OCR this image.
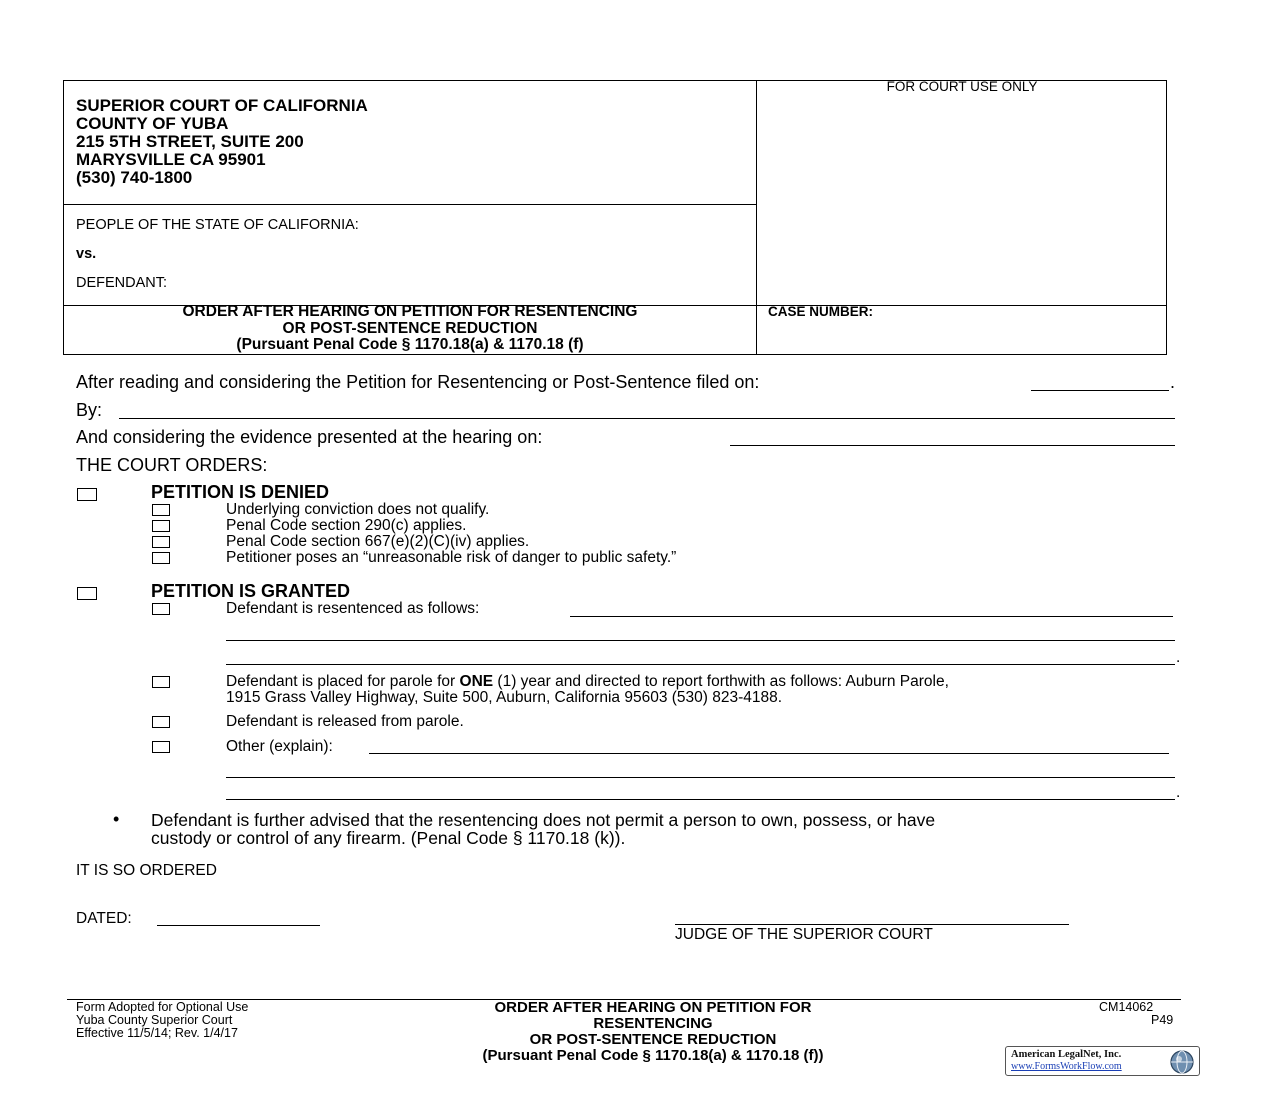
SUPERIOR COURT OF CALIFORNIA
COUNTY OF YUBA
215 5TH STREET, SUITE 200
MARYSVILLE CA 95901
(530) 740-1800
FOR COURT USE ONLY
PEOPLE OF THE STATE OF CALIFORNIA:
vs.
DEFENDANT:
ORDER AFTER HEARING ON PETITION FOR RESENTENCING
OR POST-SENTENCE REDUCTION
(Pursuant Penal Code § 1170.18(a) & 1170.18 (f)
CASE NUMBER:
After reading and considering the Petition for Resentencing or Post-Sentence filed on:	.
By:
And considering the evidence presented at the hearing on:
THE COURT ORDERS:
PETITION IS DENIED
Underlying conviction does not qualify.
Penal Code section 290(c) applies.
Penal Code section 667(e)(2)(C)(iv) applies.
Petitioner poses an “unreasonable risk of danger to public safety.”
PETITION IS GRANTED
Defendant is resentenced as follows:
.
Defendant is placed for parole for ONE (1) year and directed to report forthwith as follows: Auburn Parole,
1915 Grass Valley Highway, Suite 500, Auburn, California 95603 (530) 823-4188.
Defendant is released from parole.
Other (explain):
.
• Defendant is further advised that the resentencing does not permit a person to own, possess, or have
custody or control of any firearm. (Penal Code § 1170.18 (k)).
IT IS SO ORDERED
DATED:
JUDGE OF THE SUPERIOR COURT
Form Adopted for Optional Use
Yuba County Superior Court
Effective 11/5/14; Rev. 1/4/17
ORDER AFTER HEARING ON PETITION FOR
RESENTENCING
OR POST-SENTENCE REDUCTION
(Pursuant Penal Code § 1170.18(a) & 1170.18 (f))
CM14062
P49
American LegalNet, Inc.
www.FormsWorkFlow.com
